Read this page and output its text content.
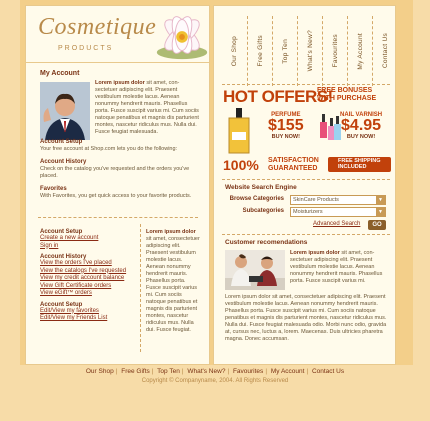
Cosmetique
PRODUCTS	Our Shop	Free Gifts	Top Ten	What's New?	Favourites	My Account	Contact Us
My Account
Lorem ipsum dolor sit amet, con-sectetuer adipiscing elit. Praesent vestibulum molestie lacus. Aenean nonummy hendrerit mauris. Phasellus porta. Fusce suscipit varius mi. Cum sociis natoque penatibus et magnis dis parturient montes, nascetur ridiculus mus. Nulla dui. Fusce feugiat malesuada.
Account Setup
Your free account at Shop.com lets you do the following:
Account History
Check on the catalog you've requested and the orders you've placed.
Favorites
With Favorites, you get quick access to your favorite products.
Account Setup
Create a new account
Sign in
Account History
View the orders I've placed
View the catalogs I've requested
View my credit account balance
View Gift Certificate orders
View eGift™ orders
Account Setup
Edit/View my favorites
Edit/View my Friends List
Lorem ipsum dolor sit amet, consectetuer adipiscing elit. Praesent vestibulum molestie lacus. Aenean nonummy hendrerit mauris. Phasellus porta. Fusce suscipit varius mi. Cum sociis natoque penatibus et magnis dis parturient montes, nascetur ridiculus mus. Nulla dui. Fusce feugiat.
HOT OFFERS!
FREE BONUSES WITH PURCHASE
PERFUME
$155
BUY NOW!
NAIL VARNISH
$4.95
BUY NOW!
100% SATISFACTION GUARANTEED
FREE SHIPPING INCLUDED
Website Search Engine
Browse Categories	SkinCare Products	▼
Subcategories	Moisturizers	▼
Advanced Search	GO
Customer recomendations
Lorem ipsum dolor sit amet, con-sectetuer adipiscing elit. Praesent vestibulum molestie lacus. Aenean nonummy hendrerit mauris. Phasellus porta. Fusce suscipit varius mi.
Lorem ipsum dolor sit amet, consectetuer adipiscing elit. Praesent vestibulum molestie lacus. Aenean nonummy hendrerit mauris. Phasellus porta. Fusce suscipit varius mi. Cum sociis natoque penatibus et magnis dis parturient montes, nascetur ridiculus mus. Nulla dui. Fusce feugiat malesuada odio. Morbi nunc odio, gravida at, cursus nec, luctus a, lorem. Maecenas. Duis ultricies pharetra magna. Donec accumsan.
Our Shop | Free Gifts | Top Ten | What's New? | Favourites | My Account | Contact Us
Copyright © Companyname, 2004. All Rights Reserved
